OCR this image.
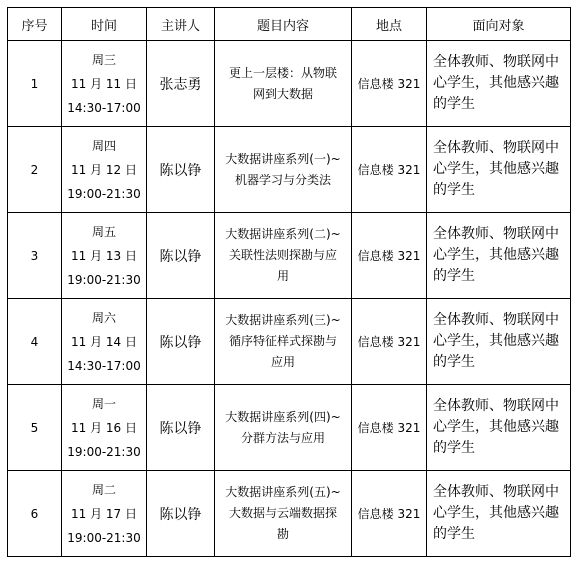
序号	时间	主讲人	题目内容	地点	面向对象
1	周三
11 月 11 日
14:30-17:00	张志勇	更上一层楼：从物联
网到大数据	信息楼 321	全体教师、物联网中心学生，其他感兴趣的学生
2	周四
11 月 12 日
19:00-21:30	陈以铮	大数据讲座系列(一)~
机器学习与分类法	信息楼 321	全体教师、物联网中心学生，其他感兴趣的学生
3	周五
11 月 13 日
19:00-21:30	陈以铮	大数据讲座系列(二)~
关联性法则探勘与应
用	信息楼 321	全体教师、物联网中心学生，其他感兴趣的学生
4	周六
11 月 14 日
14:30-17:00	陈以铮	大数据讲座系列(三)~
循序特征样式探勘与
应用	信息楼 321	全体教师、物联网中心学生，其他感兴趣的学生
5	周一
11 月 16 日
19:00-21:30	陈以铮	大数据讲座系列(四)~
分群方法与应用	信息楼 321	全体教师、物联网中心学生，其他感兴趣的学生
6	周二
11 月 17 日
19:00-21:30	陈以铮	大数据讲座系列(五)~
大数据与云端数据探
勘	信息楼 321	全体教师、物联网中心学生，其他感兴趣的学生
